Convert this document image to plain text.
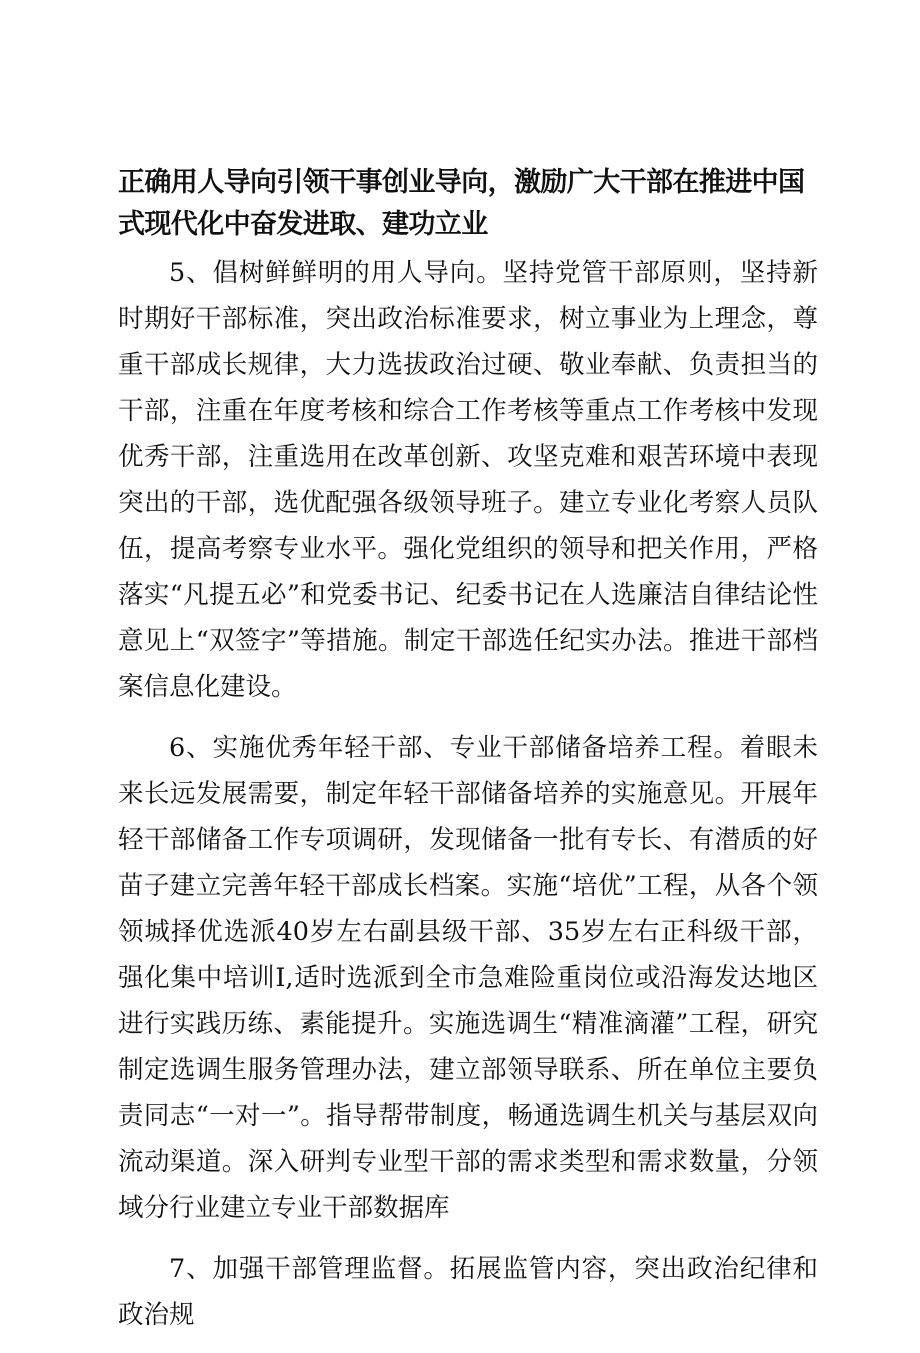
正确用人导向引领干事创业导向，激励广大干部在推进中国式现代化中奋发进取、建功立业

5、倡树鲜鲜明的用人导向。坚持党管干部原则，坚持新时期好干部标准，突出政治标准要求，树立事业为上理念，尊重干部成长规律，大力选拔政治过硬、敬业奉献、负责担当的干部，注重在年度考核和综合工作考核等重点工作考核中发现优秀干部，注重选用在改革创新、攻坚克难和艰苦环境中表现突出的干部，选优配强各级领导班子。建立专业化考察人员队伍，提高考察专业水平。强化党组织的领导和把关作用，严格落实“凡提五必”和党委书记、纪委书记在人选廉洁自律结论性意见上“双签字”等措施。制定干部选任纪实办法。推进干部档案信息化建设。

6、实施优秀年轻干部、专业干部储备培养工程。着眼未来长远发展需要，制定年轻干部储备培养的实施意见。开展年轻干部储备工作专项调研，发现储备一批有专长、有潜质的好苗子建立完善年轻干部成长档案。实施“培优”工程，从各个领领城择优选派40岁左右副县级干部、35岁左右正科级干部，强化集中培训I,适时选派到全市急难险重岗位或沿海发达地区进行实践历练、素能提升。实施选调生“精准滴灌”工程，研究制定选调生服务管理办法，建立部领导联系、所在单位主要负责同志“一对一”。指导帮带制度，畅通选调生机关与基层双向流动渠道。深入研判专业型干部的需求类型和需求数量，分领域分行业建立专业干部数据库

7、加强干部管理监督。拓展监管内容，突出政治纪律和政治规
